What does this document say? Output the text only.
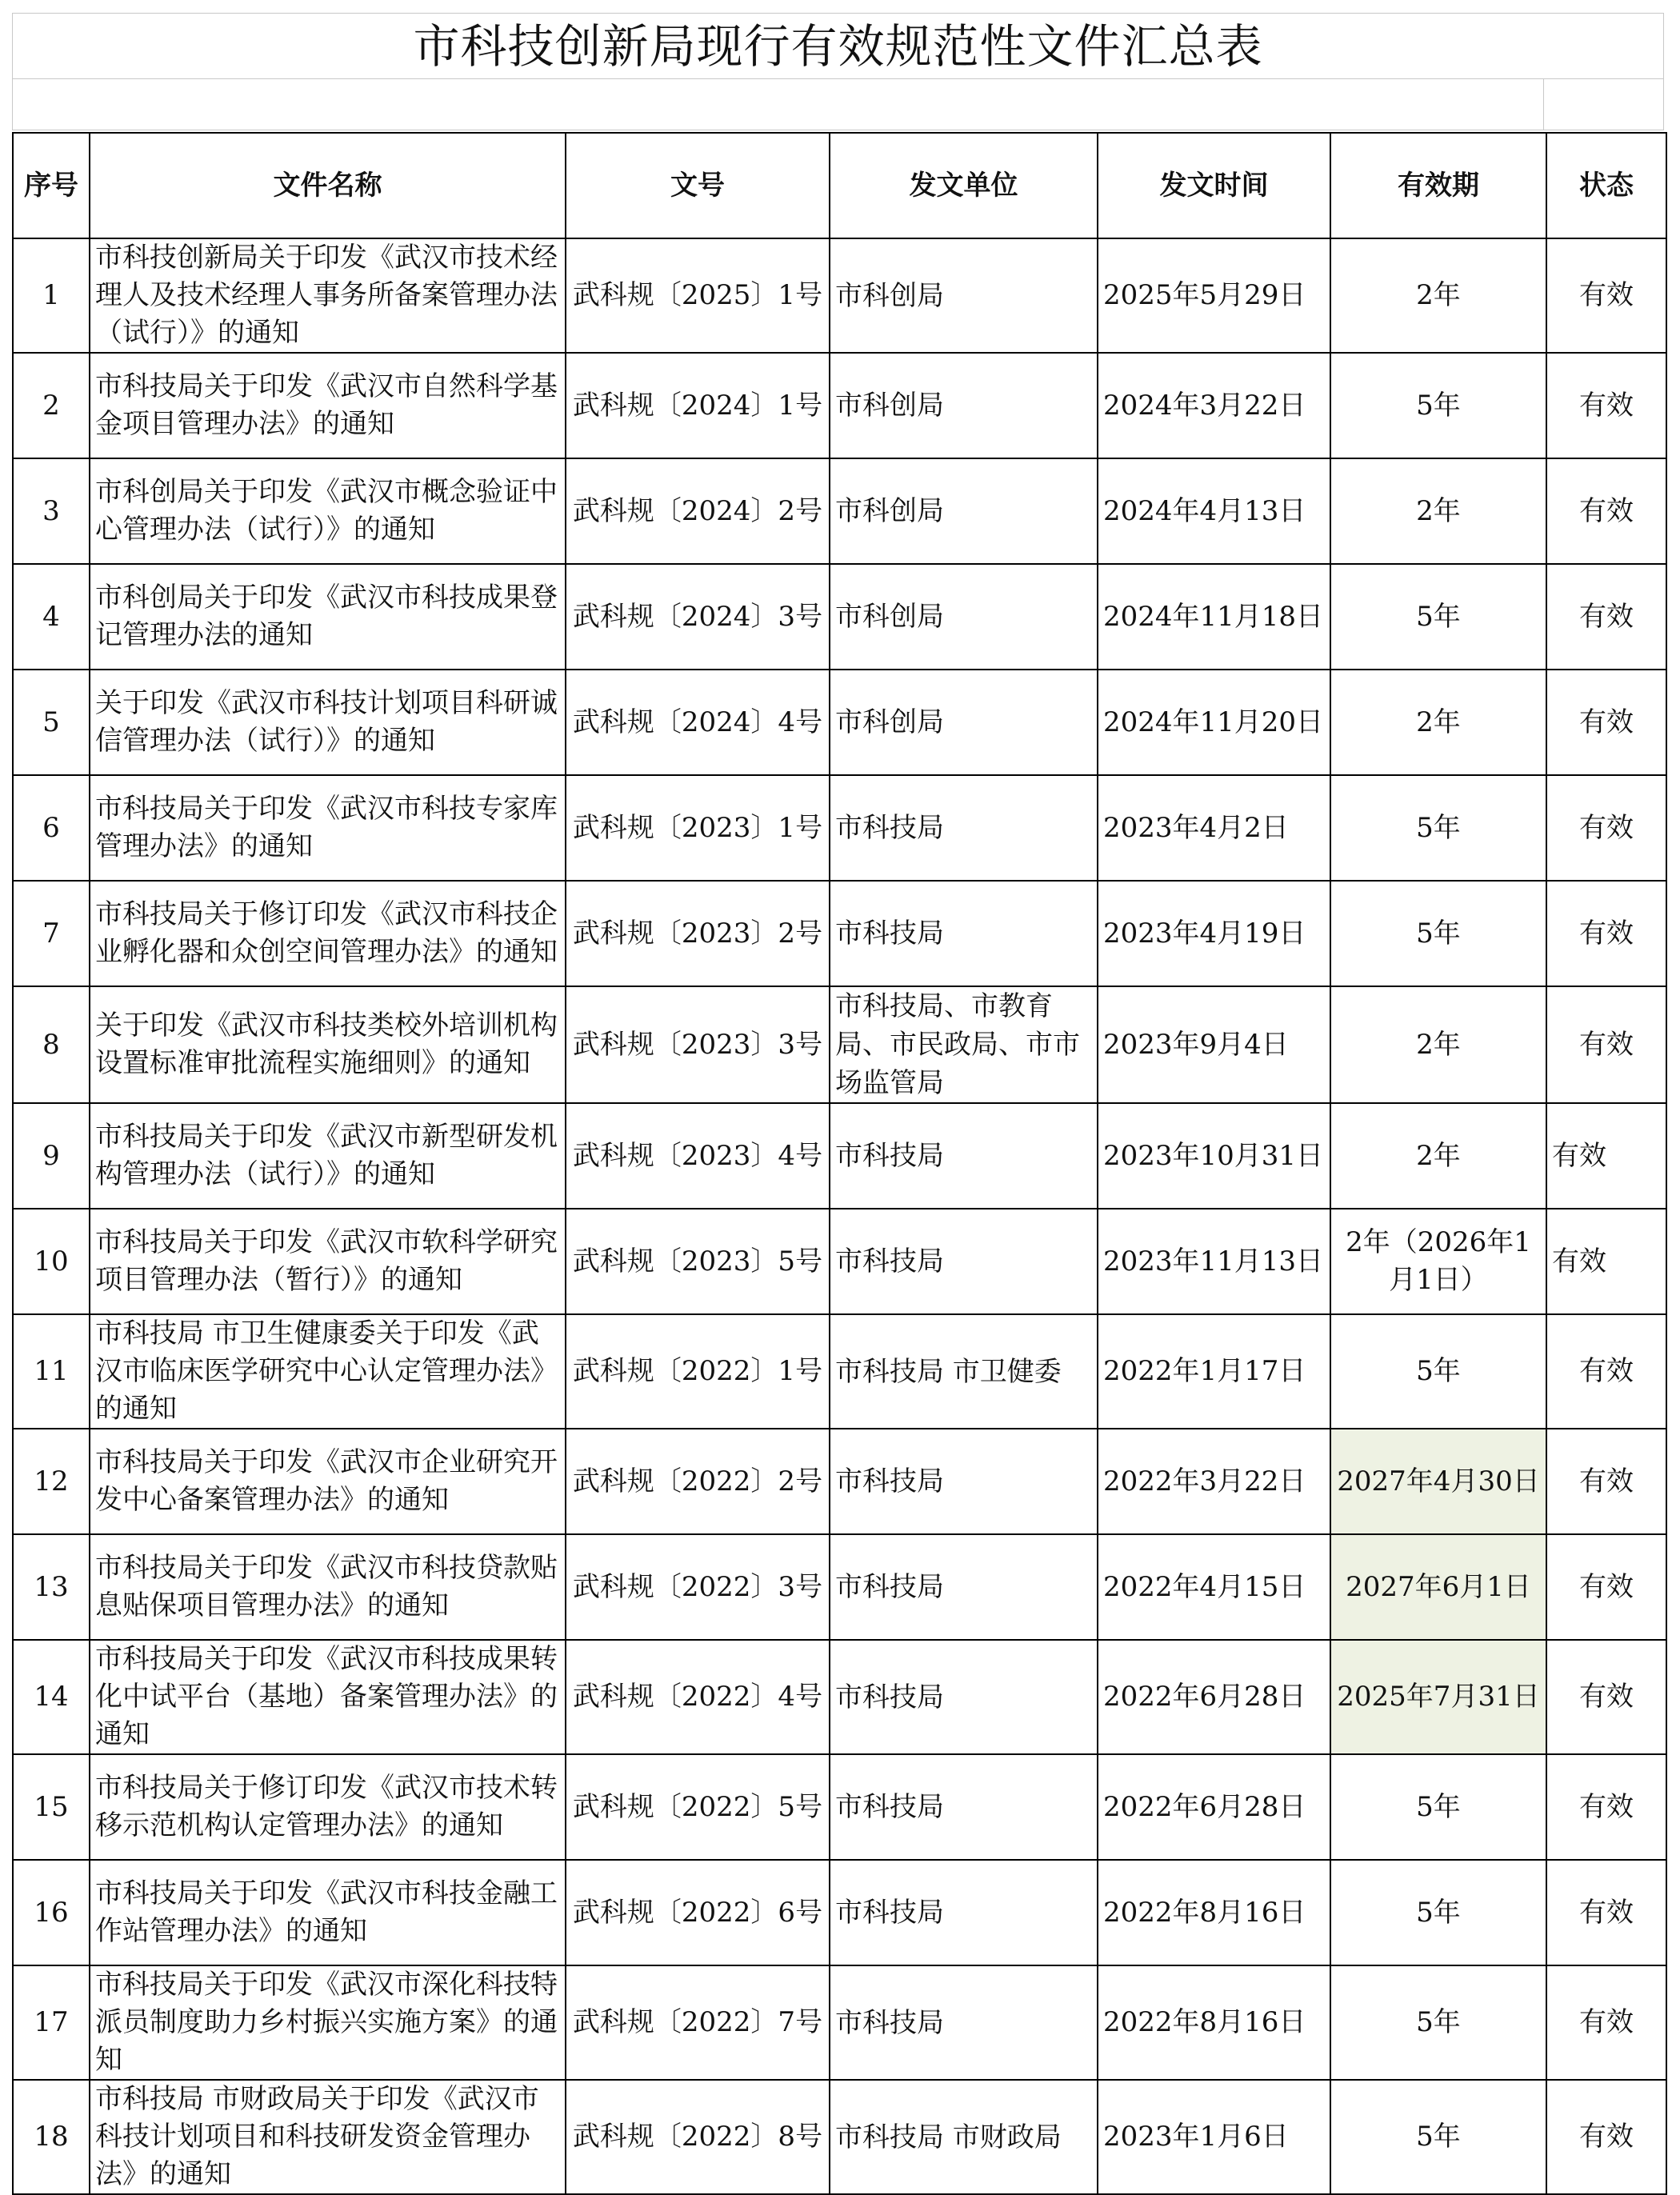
市科技创新局现行有效规范性文件汇总表
序号	文件名称	文号	发文单位	发文时间	有效期	状态
1	市科技创新局关于印发《武汉市技术经理人及技术经理人事务所备案管理办法（试行）》的通知	武科规〔2025〕1号	市科创局	2025年5月29日	2年	有效
2	市科技局关于印发《武汉市自然科学基金项目管理办法》的通知	武科规〔2024〕1号	市科创局	2024年3月22日	5年	有效
3	市科创局关于印发《武汉市概念验证中心管理办法（试行）》的通知	武科规〔2024〕2号	市科创局	2024年4月13日	2年	有效
4	市科创局关于印发《武汉市科技成果登记管理办法的通知	武科规〔2024〕3号	市科创局	2024年11月18日	5年	有效
5	关于印发《武汉市科技计划项目科研诚信管理办法（试行）》的通知	武科规〔2024〕4号	市科创局	2024年11月20日	2年	有效
6	市科技局关于印发《武汉市科技专家库管理办法》的通知	武科规〔2023〕1号	市科技局	2023年4月2日	5年	有效
7	市科技局关于修订印发《武汉市科技企业孵化器和众创空间管理办法》的通知	武科规〔2023〕2号	市科技局	2023年4月19日	5年	有效
8	关于印发《武汉市科技类校外培训机构设置标准审批流程实施细则》的通知	武科规〔2023〕3号	市科技局、市教育局、市民政局、市市场监管局	2023年9月4日	2年	有效
9	市科技局关于印发《武汉市新型研发机构管理办法（试行）》的通知	武科规〔2023〕4号	市科技局	2023年10月31日	2年	有效
10	市科技局关于印发《武汉市软科学研究项目管理办法（暂行）》的通知	武科规〔2023〕5号	市科技局	2023年11月13日	2年（2026年1月1日）	有效
11	市科技局 市卫生健康委关于印发《武汉市临床医学研究中心认定管理办法》的通知	武科规〔2022〕1号	市科技局 市卫健委	2022年1月17日	5年	有效
12	市科技局关于印发《武汉市企业研究开发中心备案管理办法》的通知	武科规〔2022〕2号	市科技局	2022年3月22日	2027年4月30日	有效
13	市科技局关于印发《武汉市科技贷款贴息贴保项目管理办法》的通知	武科规〔2022〕3号	市科技局	2022年4月15日	2027年6月1日	有效
14	市科技局关于印发《武汉市科技成果转化中试平台（基地）备案管理办法》的通知	武科规〔2022〕4号	市科技局	2022年6月28日	2025年7月31日	有效
15	市科技局关于修订印发《武汉市技术转移示范机构认定管理办法》的通知	武科规〔2022〕5号	市科技局	2022年6月28日	5年	有效
16	市科技局关于印发《武汉市科技金融工作站管理办法》的通知	武科规〔2022〕6号	市科技局	2022年8月16日	5年	有效
17	市科技局关于印发《武汉市深化科技特派员制度助力乡村振兴实施方案》的通知	武科规〔2022〕7号	市科技局	2022年8月16日	5年	有效
18	市科技局 市财政局关于印发《武汉市科技计划项目和科技研发资金管理办法》的通知	武科规〔2022〕8号	市科技局 市财政局	2023年1月6日	5年	有效
